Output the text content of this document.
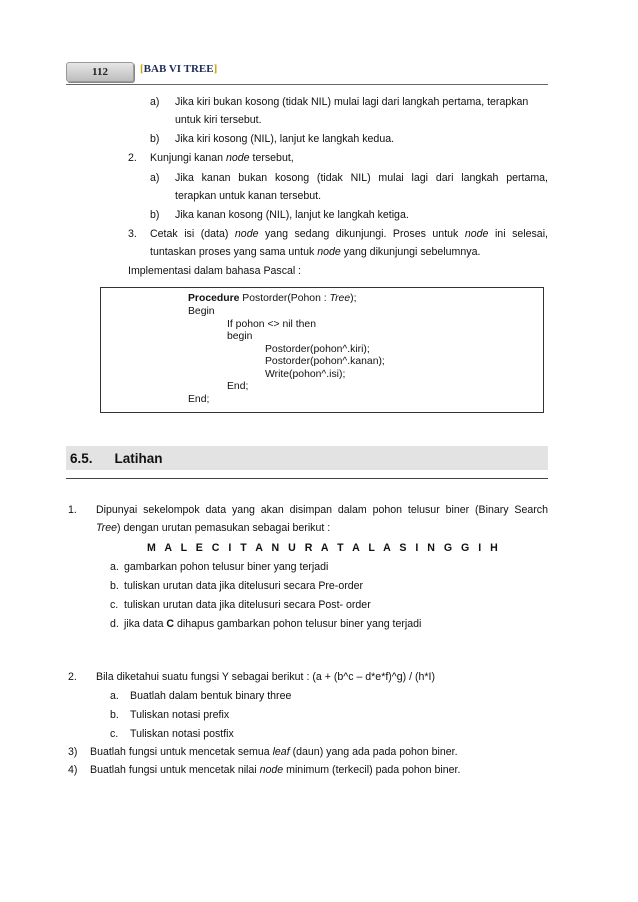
112	[BAB VI TREE]
a) Jika kiri bukan kosong (tidak NIL) mulai lagi dari langkah pertama, terapkan
untuk kiri tersebut.
b) Jika kiri kosong (NIL), lanjut ke langkah kedua.
2. Kunjungi kanan node tersebut,
a) Jika kanan bukan kosong (tidak NIL) mulai lagi dari langkah pertama,
terapkan untuk kanan tersebut.
b) Jika kanan kosong (NIL), lanjut ke langkah ketiga.
3. Cetak isi (data) node yang sedang dikunjungi. Proses untuk node ini selesai,
tuntaskan proses yang sama untuk node yang dikunjungi sebelumnya.
Implementasi dalam bahasa Pascal :
Procedure Postorder(Pohon : Tree);
Begin
If pohon <> nil then
begin
Postorder(pohon^.kiri);
Postorder(pohon^.kanan);
Write(pohon^.isi);
End;
End;
6.5. Latihan
1. Dipunyai sekelompok data yang akan disimpan dalam pohon telusur biner (Binary Search
Tree) dengan urutan pemasukan sebagai berikut :
M A L E C I T A N U R A T A L A S I N G G I H
a. gambarkan pohon telusur biner yang terjadi
b. tuliskan urutan data jika ditelusuri secara Pre-order
c. tuliskan urutan data jika ditelusuri secara Post- order
d. jika data C dihapus gambarkan pohon telusur biner yang terjadi
2. Bila diketahui suatu fungsi Y sebagai berikut : (a + (b^c – d*e*f)^g) / (h*I)
a. Buatlah dalam bentuk binary three
b. Tuliskan notasi prefix
c. Tuliskan notasi postfix
3) Buatlah fungsi untuk mencetak semua leaf (daun) yang ada pada pohon biner.
4) Buatlah fungsi untuk mencetak nilai node minimum (terkecil) pada pohon biner.
